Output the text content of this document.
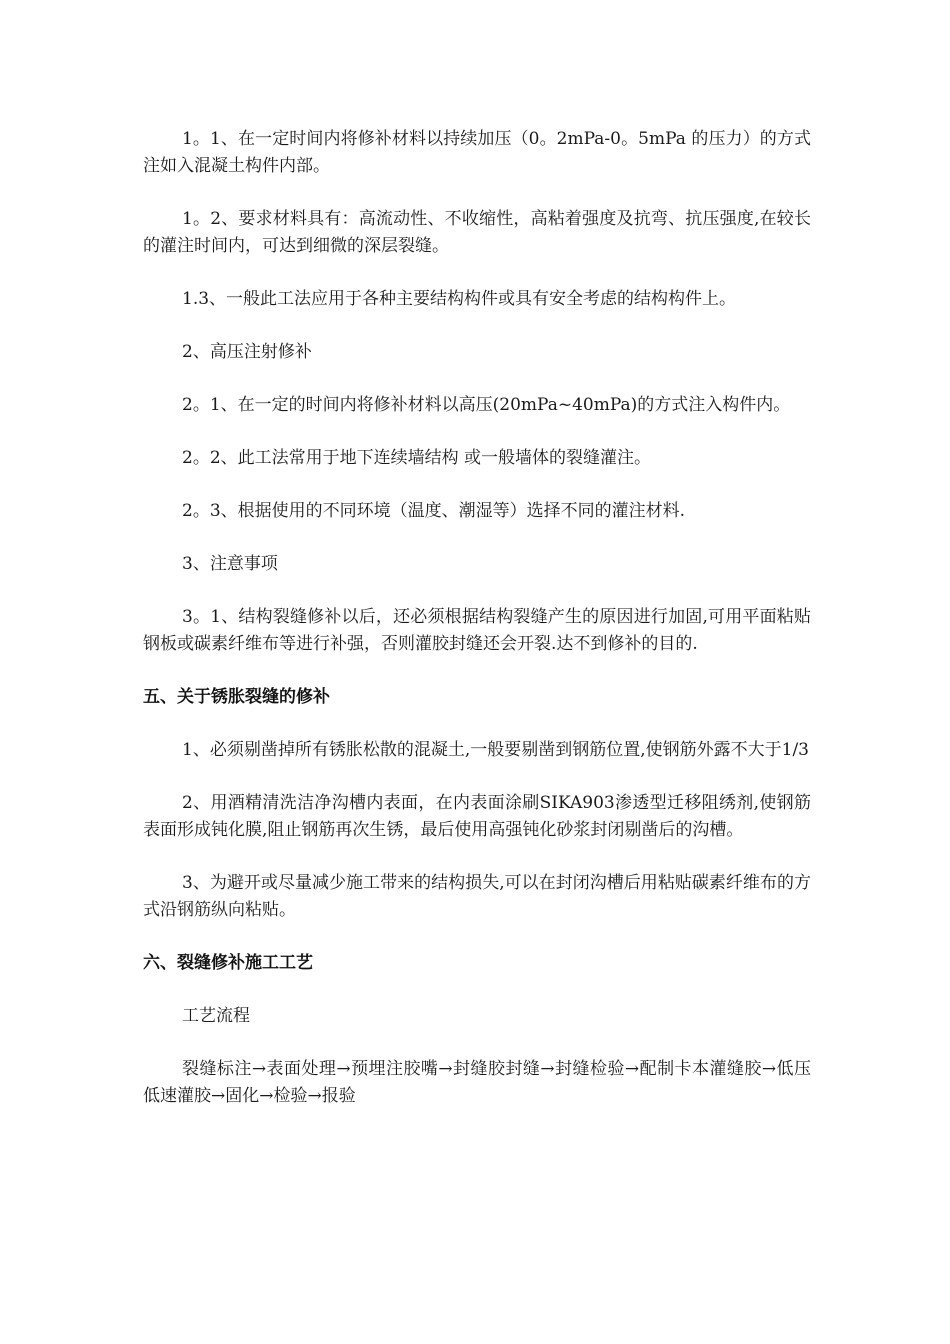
1。1、在一定时间内将修补材料以持续加压（0。2mPa-0。5mPa 的压力）的方式注如入混凝土构件内部。

1。2、要求材料具有：高流动性、不收缩性，高粘着强度及抗弯、抗压强度,在较长的灌注时间内，可达到细微的深层裂缝。

1.3、一般此工法应用于各种主要结构构件或具有安全考虑的结构构件上。

2、高压注射修补

2。1、在一定的时间内将修补材料以高压(20mPa~40mPa)的方式注入构件内。

2。2、此工法常用于地下连续墙结构 或一般墙体的裂缝灌注。

2。3、根据使用的不同环境（温度、潮湿等）选择不同的灌注材料.

3、注意事项

3。1、结构裂缝修补以后，还必须根据结构裂缝产生的原因进行加固,可用平面粘贴钢板或碳素纤维布等进行补强，否则灌胶封缝还会开裂.达不到修补的目的.

五、关于锈胀裂缝的修补

1、必须剔凿掉所有锈胀松散的混凝土,一般要剔凿到钢筋位置,使钢筋外露不大于1/3

2、用酒精清洗洁净沟槽内表面，在内表面涂刷SIKA903渗透型迁移阻绣剂,使钢筋表面形成钝化膜,阻止钢筋再次生锈，最后使用高强钝化砂浆封闭剔凿后的沟槽。

3、为避开或尽量减少施工带来的结构损失,可以在封闭沟槽后用粘贴碳素纤维布的方式沿钢筋纵向粘贴。

六、裂缝修补施工工艺

工艺流程

裂缝标注→表面处理→预埋注胶嘴→封缝胶封缝→封缝检验→配制卡本灌缝胶→低压低速灌胶→固化→检验→报验
